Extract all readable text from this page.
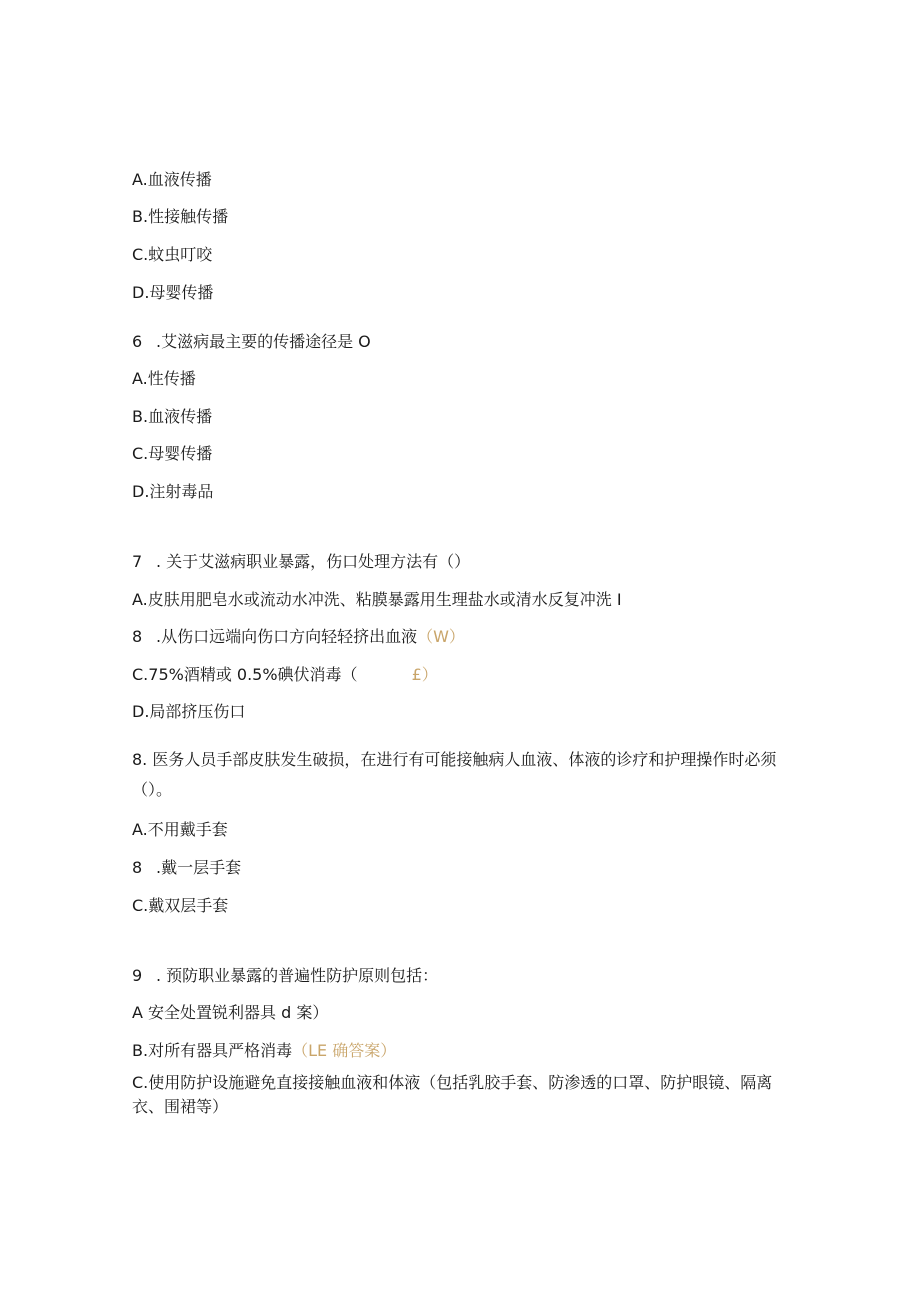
A.血液传播
B.性接触传播
C.蚊虫叮咬
D.母婴传播
6 .艾滋病最主要的传播途径是 O
A.性传播
B.血液传播
C.母婴传播
D.注射毒品
7 . 关于艾滋病职业暴露，伤口处理方法有（）
A.皮肤用肥皂水或流动水冲洗、粘膜暴露用生理盐水或清水反复冲洗 I
8 .从伤口远端向伤口方向轻轻挤出血液（W）
C.75%酒精或 0.5%碘伏消毒（	£）
D.局部挤压伤口
8. 医务人员手部皮肤发生破损，在进行有可能接触病人血液、体液的诊疗和护理操作时必须（）。
A.不用戴手套
8 .戴一层手套
C.戴双层手套
9 . 预防职业暴露的普遍性防护原则包括：
A 安全处置锐利器具 d 案）
B.对所有器具严格消毒（LE 确答案）
C.使用防护设施避免直接接触血液和体液（包括乳胶手套、防渗透的口罩、防护眼镜、隔离衣、围裙等）
